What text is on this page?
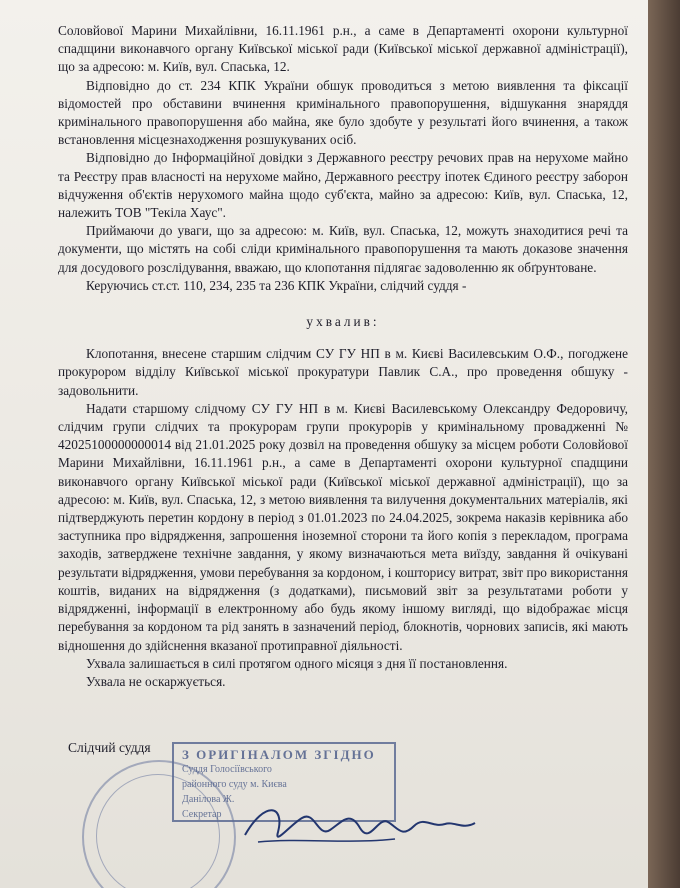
Соловйової Марини Михайлівни, 16.11.1961 р.н., а саме в Департаменті охорони культурної спадщини виконавчого органу Київської міської ради (Київської міської державної адміністрації), що за адресою: м. Київ, вул. Спаська, 12.

Відповідно до ст. 234 КПК України обшук проводиться з метою виявлення та фіксації відомостей про обставини вчинення кримінального правопорушення, відшукання знаряддя кримінального правопорушення або майна, яке було здобуте у результаті його вчинення, а також встановлення місцезнаходження розшукуваних осіб.

Відповідно до Інформаційної довідки з Державного реєстру речових прав на нерухоме майно та Реєстру прав власності на нерухоме майно, Державного реєстру іпотек Єдиного реєстру заборон відчуження об'єктів нерухомого майна щодо суб'єкта, майно за адресою: Київ, вул. Спаська, 12, належить ТОВ "Текіла Хаус".

Приймаючи до уваги, що за адресою: м. Київ, вул. Спаська, 12, можуть знаходитися речі та документи, що містять на собі сліди кримінального правопорушення та мають доказове значення для досудового розслідування, вважаю, що клопотання підлягає задоволенню як обґрунтоване.

Керуючись ст.ст. 110, 234, 235 та 236 КПК України, слідчий суддя -

ухвалив:

Клопотання, внесене старшим слідчим СУ ГУ НП в м. Києві Василевським О.Ф., погоджене прокурором відділу Київської міської прокуратури Павлик С.А., про проведення обшуку - задовольнити.

Надати старшому слідчому СУ ГУ НП в м. Києві Василевському Олександру Федоровичу, слідчим групи слідчих та прокурорам групи прокурорів у кримінальному провадженні № 42025100000000014 від 21.01.2025 року дозвіл на проведення обшуку за місцем роботи Соловйової Марини Михайлівни, 16.11.1961 р.н., а саме в Департаменті охорони культурної спадщини виконавчого органу Київської міської ради (Київської міської державної адміністрації), що за адресою: м. Київ, вул. Спаська, 12, з метою виявлення та вилучення документальних матеріалів, які підтверджують перетин кордону в період з 01.01.2023 по 24.04.2025, зокрема наказів керівника або заступника про відрядження, запрошення іноземної сторони та його копія з перекладом, програма заходів, затверджене технічне завдання, у якому визначаються мета виїзду, завдання й очікувані результати відрядження, умови перебування за кордоном, і кошторису витрат, звіт про використання коштів, виданих на відрядження (з додатками), письмовий звіт за результатами роботи у відрядженні, інформації в електронному або будь якому іншому вигляді, що відображає місця перебування за кордоном та рід занять в зазначений період, блокнотів, чорнових записів, які мають відношення до здійснення вказаної протиправної діяльності.

Ухвала залишається в силі протягом одного місяця з дня її постановлення.

Ухвала не оскаржується.

Слідчий суддя З ОРИГІНАЛОМ ЗГІДНО
Суддя Голосіївського
районного суду м. Києва
Данілова Ж.
Секретар
